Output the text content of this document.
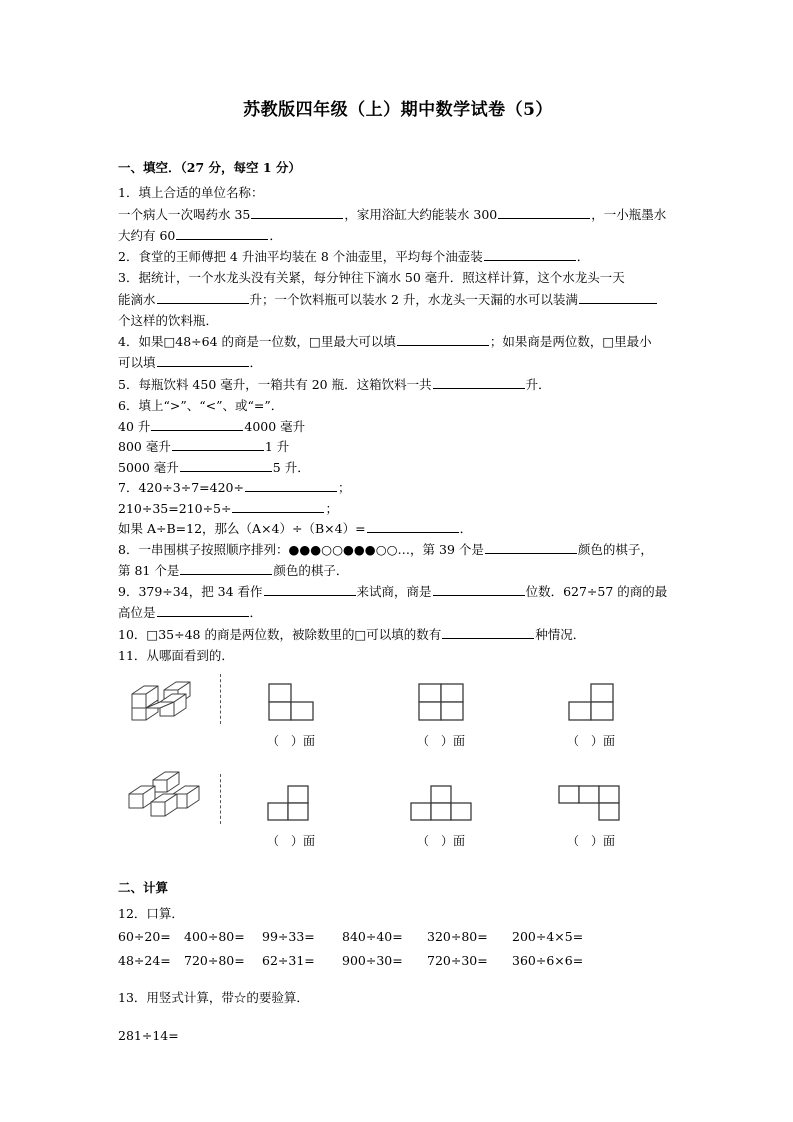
苏教版四年级（上）期中数学试卷（5）
一、填空．（27 分，每空 1 分）
1．填上合适的单位名称：
一个病人一次喝药水 35	，家用浴缸大约能装水 300	，一小瓶墨水
大约有 60	．
2．食堂的王师傅把 4 升油平均装在 8 个油壶里，平均每个油壶装	．
3．据统计，一个水龙头没有关紧，每分钟往下滴水 50 毫升．照这样计算，这个水龙头一天
能滴水	升；一个饮料瓶可以装水 2 升，水龙头一天漏的水可以装满
个这样的饮料瓶．
4．如果□48÷64 的商是一位数，□里最大可以填	；如果商是两位数，□里最小
可以填	．
5．每瓶饮料 450 毫升，一箱共有 20 瓶．这箱饮料一共	升．
6．填上“>”、“<”、或“=”．
40 升	4000 毫升
800 毫升	1 升
5000 毫升	5 升．
7．420÷3÷7=420÷	；
210÷35=210÷5÷	；
如果 A÷B=12，那么（A×4）÷（B×4）=	．
8．一串围棋子按照顺序排列：●●●○○●●●○○…，第 39 个是	颜色的棋子，
第 81 个是	颜色的棋子．
9．379÷34，把 34 看作	来试商，商是	位数．627÷57 的商的最
高位是	．
10．□35÷48 的商是两位数，被除数里的□可以填的数有	种情况．
11．从哪面看到的．
（　）面	（　）面	（　）面
（　）面	（　）面	（　）面
二、计算
12．口算．
60÷20= 400÷80= 99÷33= 840÷40= 320÷80= 200÷4×5=
48÷24= 720÷80= 62÷31= 900÷30= 720÷30= 360÷6×6=
13．用竖式计算，带☆的要验算．
281÷14=
